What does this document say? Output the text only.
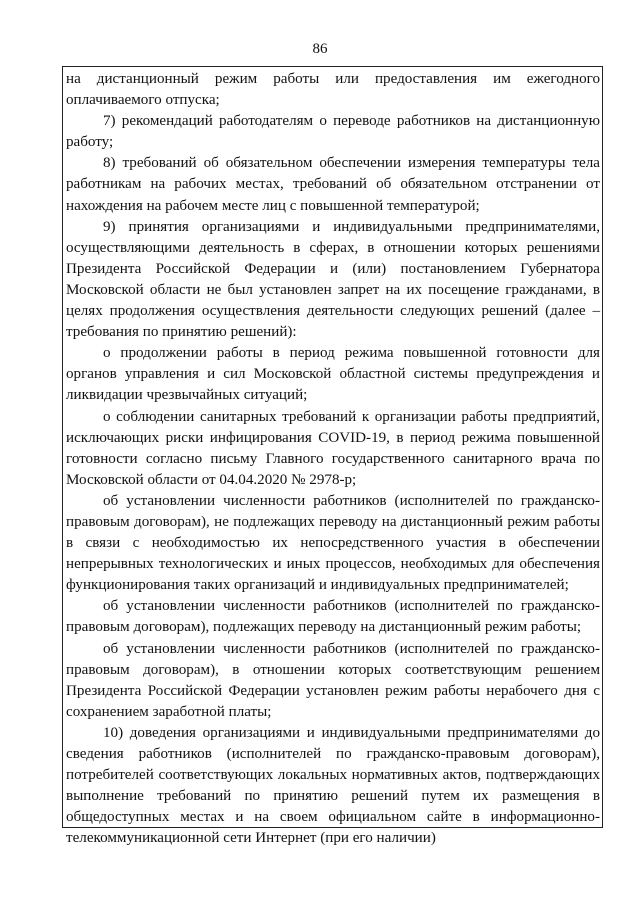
86

на дистанционный режим работы или предоставления им ежегодного оплачиваемого отпуска;

7) рекомендаций работодателям о переводе работников на дистанционную работу;

8) требований об обязательном обеспечении измерения температуры тела работникам на рабочих местах, требований об обязательном отстранении от нахождения на рабочем месте лиц с повышенной температурой;

9) принятия организациями и индивидуальными предпринимателями, осуществляющими деятельность в сферах, в отношении которых решениями Президента Российской Федерации и (или) постановлением Губернатора Московской области не был установлен запрет на их посещение гражданами, в целях продолжения осуществления деятельности следующих решений (далее – требования по принятию решений):

о продолжении работы в период режима повышенной готовности для органов управления и сил Московской областной системы предупреждения и ликвидации чрезвычайных ситуаций;

о соблюдении санитарных требований к организации работы предприятий, исключающих риски инфицирования COVID-19, в период режима повышенной готовности согласно письму Главного государственного санитарного врача по Московской области от 04.04.2020 № 2978-р;

об установлении численности работников (исполнителей по гражданско-правовым договорам), не подлежащих переводу на дистанционный режим работы в связи с необходимостью их непосредственного участия в обеспечении непрерывных технологических и иных процессов, необходимых для обеспечения функционирования таких организаций и индивидуальных предпринимателей;

об установлении численности работников (исполнителей по гражданско-правовым договорам), подлежащих переводу на дистанционный режим работы;

об установлении численности работников (исполнителей по гражданско-правовым договорам), в отношении которых соответствующим решением Президента Российской Федерации установлен режим работы нерабочего дня с сохранением заработной платы;

10) доведения организациями и индивидуальными предпринимателями до сведения работников (исполнителей по гражданско-правовым договорам), потребителей соответствующих локальных нормативных актов, подтверждающих выполнение требований по принятию решений путем их размещения в общедоступных местах и на своем официальном сайте в информационно-телекоммуникационной сети Интернет (при его наличии)
